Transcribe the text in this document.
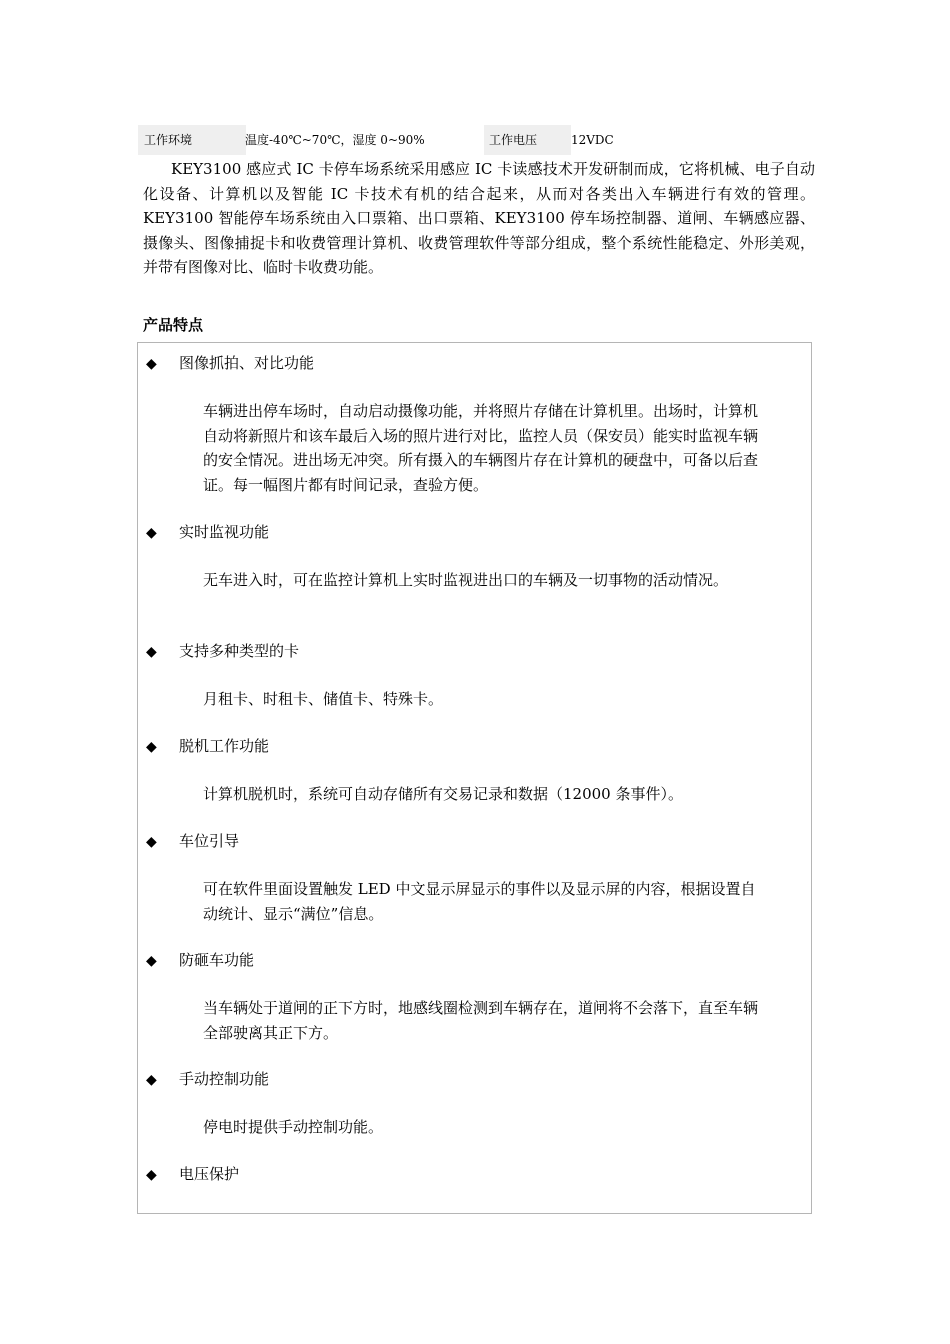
工作环境	温度-40℃~70℃，湿度 0~90%	工作电压	12VDC
KEY3100 感应式 IC 卡停车场系统采用感应 IC 卡读感技术开发研制而成，它将机械、电子自动化设备、计算机以及智能 IC 卡技术有机的结合起来，从而对各类出入车辆进行有效的管理。KEY3100 智能停车场系统由入口票箱、出口票箱、KEY3100 停车场控制器、道闸、车辆感应器、摄像头、图像捕捉卡和收费管理计算机、收费管理软件等部分组成，整个系统性能稳定、外形美观，并带有图像对比、临时卡收费功能。
产品特点
◆ 图像抓拍、对比功能
车辆进出停车场时，自动启动摄像功能，并将照片存储在计算机里。出场时，计算机自动将新照片和该车最后入场的照片进行对比，监控人员（保安员）能实时监视车辆的安全情况。进出场无冲突。所有摄入的车辆图片存在计算机的硬盘中，可备以后查证。每一幅图片都有时间记录，查验方便。
◆ 实时监视功能
无车进入时，可在监控计算机上实时监视进出口的车辆及一切事物的活动情况。
◆ 支持多种类型的卡
月租卡、时租卡、储值卡、特殊卡。
◆ 脱机工作功能
计算机脱机时，系统可自动存储所有交易记录和数据（12000 条事件）。
◆ 车位引导
可在软件里面设置触发 LED 中文显示屏显示的事件以及显示屏的内容，根据设置自动统计、显示“满位”信息。
◆ 防砸车功能
当车辆处于道闸的正下方时，地感线圈检测到车辆存在，道闸将不会落下，直至车辆全部驶离其正下方。
◆ 手动控制功能
停电时提供手动控制功能。
◆ 电压保护
